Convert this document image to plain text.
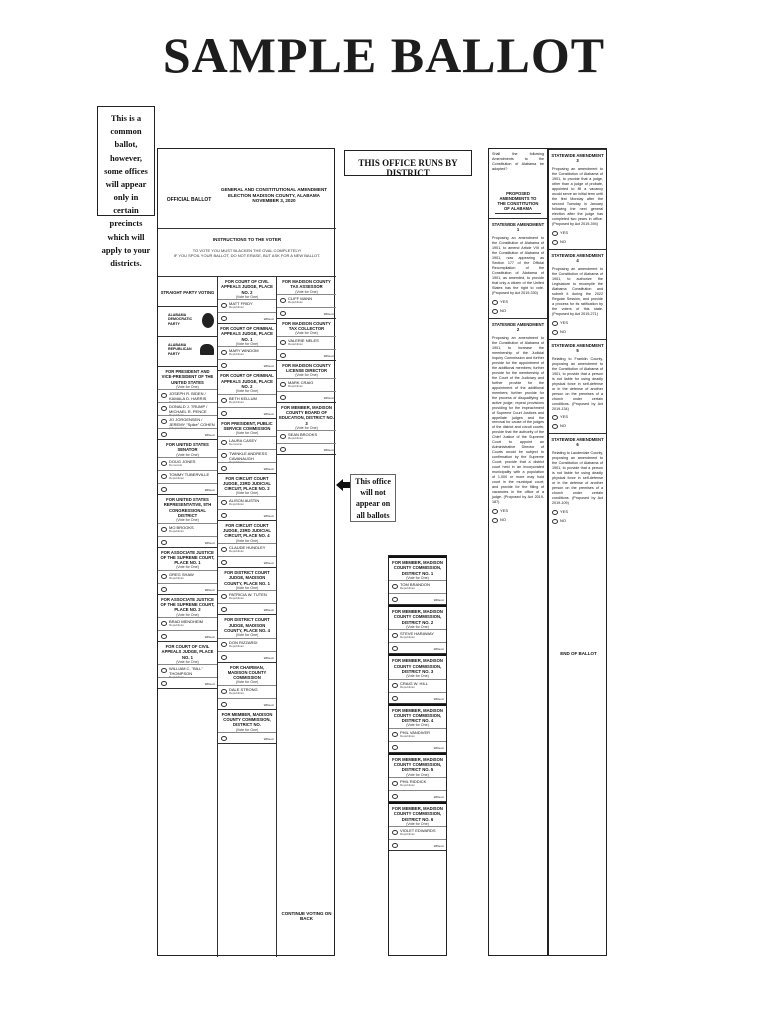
SAMPLE BALLOT
This is a common ballot, however, some offices will appear only in certain precincts which will apply to your districts.
OFFICIAL BALLOT
GENERAL AND CONSTITUTIONAL AMENDMENT ELECTION MADISON COUNTY, ALABAMA NOVEMBER 3, 2020
INSTRUCTIONS TO THE VOTER
TO VOTE YOU MUST BLACKEN THE OVAL COMPLETELY!
IF YOU SPOIL YOUR BALLOT, DO NOT ERASE, BUT ASK FOR A NEW BALLOT.
STRAIGHT PARTY VOTING
ALABAMA DEMOCRATIC PARTY
ALABAMA REPUBLICAN PARTY
FOR PRESIDENT AND VICE-PRESIDENT OF THE UNITED STATES
(Vote for One)
JOSEPH R. BIDEN / KAMALA D. HARRIS
Democrat
DONALD J. TRUMP / MICHAEL R. PENCE
Republican
JO JORGENSEN / JEREMY "Spike" COHEN
Independent
Write-in
FOR UNITED STATES SENATOR
(Vote for One)
DOUG JONES
Democrat
TOMMY TUBERVILLE
Republican
Write-in
FOR UNITED STATES REPRESENTATIVE, 5TH CONGRESSIONAL DISTRICT
(Vote for One)
MO BROOKS
Republican
Write-in
FOR ASSOCIATE JUSTICE OF THE SUPREME COURT, PLACE NO. 1
(Vote for One)
GREG SHAW
Republican
Write-in
FOR ASSOCIATE JUSTICE OF THE SUPREME COURT, PLACE NO. 2
(Vote for One)
BRAD MENDHEIM
Republican
Write-in
FOR COURT OF CIVIL APPEALS JUDGE, PLACE NO. 1
(Vote for One)
WILLIAM C. "BILL" THOMPSON
Republican
Write-in
FOR COURT OF CIVIL APPEALS JUDGE, PLACE NO. 2
(Vote for One)
MATT FRIDY
Republican
Write-in
FOR COURT OF CRIMINAL APPEALS JUDGE, PLACE NO. 1
(Vote for One)
MARY WINDOM
Republican
Write-in
FOR COURT OF CRIMINAL APPEALS JUDGE, PLACE NO. 2
(Vote for One)
BETH KELLUM
Republican
Write-in
FOR PRESIDENT, PUBLIC SERVICE COMMISSION
(Vote for One)
LAURA CASEY
Democrat
TWINKLE ANDRESS CAVANAUGH
Republican
Write-in
FOR CIRCUIT COURT JUDGE, 23RD JUDICIAL CIRCUIT, PLACE NO. 2
(Vote for One)
ALISON AUSTIN
Republican
Write-in
FOR CIRCUIT COURT JUDGE, 23RD JUDICIAL CIRCUIT, PLACE NO. 4
(Vote for One)
CLAUDE HUNDLEY
Republican
Write-in
FOR DISTRICT COURT JUDGE, MADISON COUNTY, PLACE NO. 1
(Vote for One)
PATRICIA W. TUTEN
Republican
Write-in
FOR DISTRICT COURT JUDGE, MADISON COUNTY, PLACE NO. 4
(Vote for One)
DON RIZZARDI
Republican
Write-in
FOR CHAIRMAN, MADISON COUNTY COMMISSION
(Vote for One)
DALE STRONG
Republican
Write-in
FOR MEMBER, MADISON COUNTY COMMISSION, DISTRICT NO.
(Vote for One)
Write-in
CONTINUE VOTING ON BACK
FOR MADISON COUNTY TAX ASSESSOR
(Vote for One)
CLIFF MANN
Republican
Write-in
FOR MADISON COUNTY TAX COLLECTOR
(Vote for One)
VALERIE NELES
Republican
Write-in
FOR MADISON COUNTY LICENSE DIRECTOR
(Vote for One)
MARK CRAIG
Republican
Write-in
FOR MEMBER, MADISON COUNTY BOARD OF EDUCATION, DISTRICT NO. 3
(Vote for One)
SEAN BROOKS
Republican
Write-in
This office will not appear on all ballots
THIS OFFICE RUNS BY DISTRICT
FOR MEMBER, MADISON COUNTY COMMISSION, DISTRICT NO. 1
(Vote for One)
TOM BRANDON
Republican
Write-in
FOR MEMBER, MADISON COUNTY COMMISSION, DISTRICT NO. 2
(Vote for One)
STEVE HARAWAY
Republican
Write-in
FOR MEMBER, MADISON COUNTY COMMISSION, DISTRICT NO. 3
(Vote for One)
CRAIG W. HILL
Republican
Write-in
FOR MEMBER, MADISON COUNTY COMMISSION, DISTRICT NO. 4
(Vote for One)
PHIL VANDIVER
Republican
Write-in
FOR MEMBER, MADISON COUNTY COMMISSION, DISTRICT NO. 5
(Vote for One)
PHIL RIDDICK
Republican
Write-in
FOR MEMBER, MADISON COUNTY COMMISSION, DISTRICT NO. 6
(Vote for One)
VIOLET EDWARDS
Republican
Write-in
Shall the following Amendments to the Constitution of Alabama be adopted?
PROPOSED AMENDMENTS TO THE CONSTITUTION OF ALABAMA
STATEWIDE AMENDMENT 1
Proposing an amendment to the Constitution of Alabama of 1901, to amend Article VIII of the Constitution of Alabama of 1901, now appearing as Section 177 of the Official Recompilation of the Constitution of Alabama of 1901, as amended, to provide that only a citizen of the United States has the right to vote. (Proposed by Act 2019-330)
YES
NO
STATEWIDE AMENDMENT 2
Proposing an amendment to the Constitution of Alabama of 1901, to increase the membership of the Judicial Inquiry Commission and further provide for the appointment of the additional members; further provide for the membership of the Court of the Judiciary and further provide for the appointment of the additional members; further provide for the process of disqualifying an active judge; repeal provisions providing for the impeachment of Supreme Court Justices and appellate judges and the removal for cause of the judges of the district and circuit courts; provide that the authority of the Chief Justice of the Supreme Court to appoint an Administrative Director of Courts would be subject to confirmation by the Supreme Court; provide that a district court held in an incorporated municipality with a population of 1,000 or more may hold court in the municipal court; and provide for the filling of vacancies in the office of a judge. (Proposed by Act 2019-187)
YES
NO
END OF BALLOT
STATEWIDE AMENDMENT 3
Proposing an amendment to the Constitution of Alabama of 1901, to provide that a judge, other than a judge of probate, appointed to fill a vacancy would serve an initial term until the first Monday after the second Tuesday in January following the next general election after the judge has completed two years in office. (Proposed by Act 2019-394)
YES
NO
STATEWIDE AMENDMENT 4
Proposing an amendment to the Constitution of Alabama of 1901, to authorize the Legislature to recompile the Alabama Constitution and submit it during the 2022 Regular Session, and provide a process for its ratification by the voters of this state. (Proposed by Act 2019-271)
YES
NO
STATEWIDE AMENDMENT 5
Relating to Franklin County, proposing an amendment to the Constitution of Alabama of 1901, to provide that a person is not liable for using deadly physical force in self-defense or in the defense of another person on the premises of a church under certain conditions. (Proposed by Act 2019-134)
YES
NO
STATEWIDE AMENDMENT 6
Relating to Lauderdale County, proposing an amendment to the Constitution of Alabama of 1901, to provide that a person is not liable for using deadly physical force in self-defense or in the defense of another person on the premises of a church under certain conditions. (Proposed by Act 2019-109)
YES
NO
